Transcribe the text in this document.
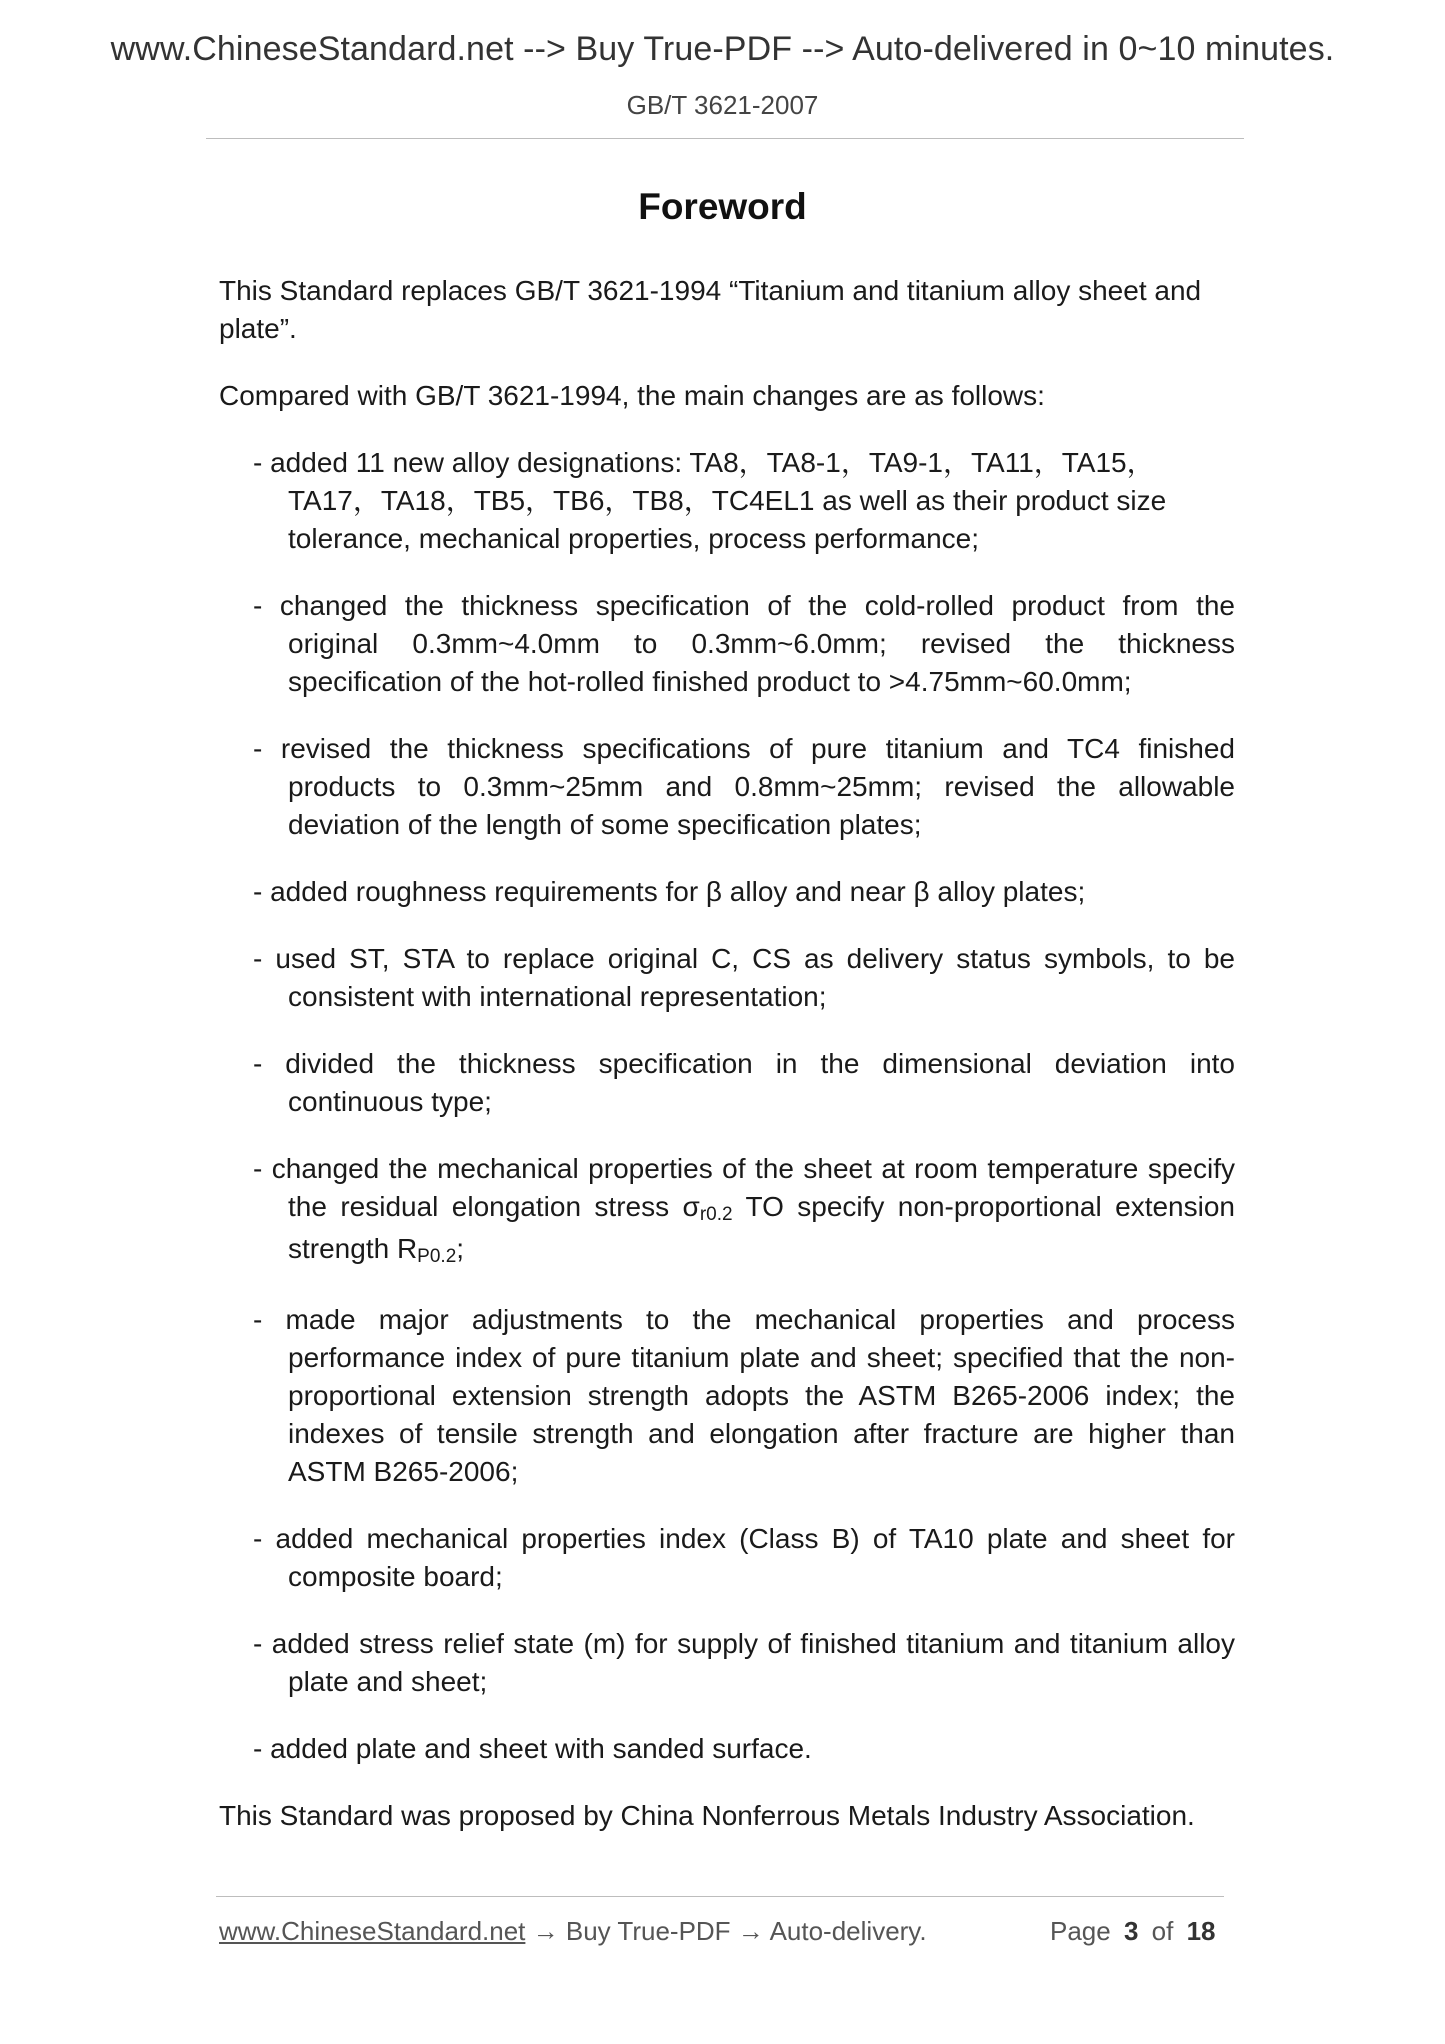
www.ChineseStandard.net --> Buy True-PDF --> Auto-delivered in 0~10 minutes.
GB/T 3621-2007
Foreword

This Standard replaces GB/T 3621-1994 “Titanium and titanium alloy sheet and plate”.

Compared with GB/T 3621-1994, the main changes are as follows:

- added 11 new alloy designations: TA8，TA8-1，TA9-1，TA11，TA15，TA17，TA18，TB5，TB6，TB8，TC4EL1 as well as their product size tolerance, mechanical properties, process performance;
- changed the thickness specification of the cold-rolled product from the original 0.3mm~4.0mm to 0.3mm~6.0mm; revised the thickness specification of the hot-rolled finished product to >4.75mm~60.0mm;
- revised the thickness specifications of pure titanium and TC4 finished products to 0.3mm~25mm and 0.8mm~25mm; revised the allowable deviation of the length of some specification plates;
- added roughness requirements for β alloy and near β alloy plates;
- used ST, STA to replace original C, CS as delivery status symbols, to be consistent with international representation;
- divided the thickness specification in the dimensional deviation into continuous type;
- changed the mechanical properties of the sheet at room temperature specify the residual elongation stress σr0.2 TO specify non-proportional extension strength RP0.2;
- made major adjustments to the mechanical properties and process performance index of pure titanium plate and sheet; specified that the non-proportional extension strength adopts the ASTM B265-2006 index; the indexes of tensile strength and elongation after fracture are higher than ASTM B265-2006;
- added mechanical properties index (Class B) of TA10 plate and sheet for composite board;
- added stress relief state (m) for supply of finished titanium and titanium alloy plate and sheet;
- added plate and sheet with sanded surface.

This Standard was proposed by China Nonferrous Metals Industry Association.

www.ChineseStandard.net → Buy True-PDF → Auto-delivery.	Page 3 of 18
